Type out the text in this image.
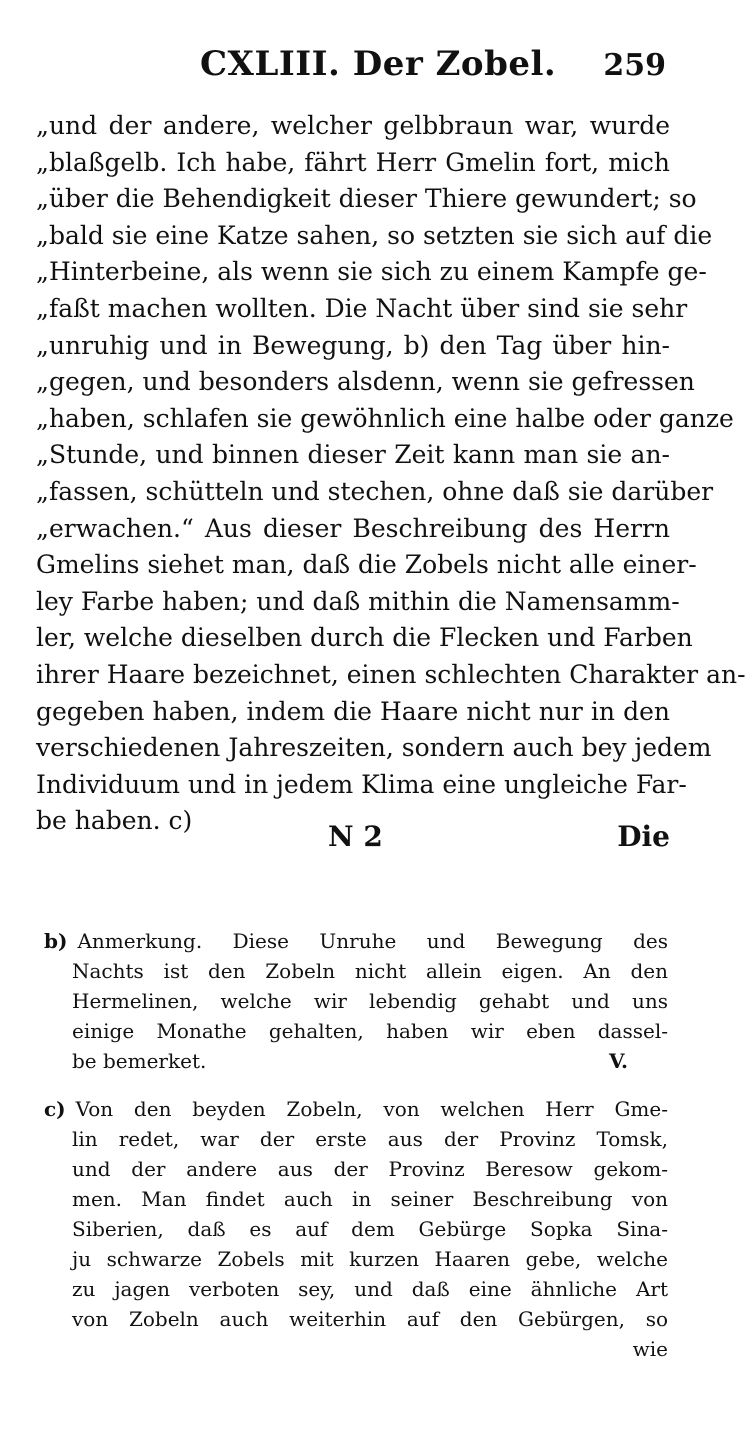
CXLIII. Der Zobel. 259
„und der andere, welcher gelbbraun war, wurde
„blaßgelb. Ich habe, fährt Herr Gmelin fort, mich
„über die Behendigkeit dieser Thiere gewundert; so
„bald sie eine Katze sahen, so setzten sie sich auf die
„Hinterbeine, als wenn sie sich zu einem Kampfe ge-
„faßt machen wollten. Die Nacht über sind sie sehr
„unruhig und in Bewegung, b) den Tag über hin-
„gegen, und besonders alsdenn, wenn sie gefressen
„haben, schlafen sie gewöhnlich eine halbe oder ganze
„Stunde, und binnen dieser Zeit kann man sie an-
„fassen, schütteln und stechen, ohne daß sie darüber
„erwachen.“ Aus dieser Beschreibung des Herrn
Gmelins siehet man, daß die Zobels nicht alle einer-
ley Farbe haben; und daß mithin die Namensamm-
ler, welche dieselben durch die Flecken und Farben
ihrer Haare bezeichnet, einen schlechten Charakter an-
gegeben haben, indem die Haare nicht nur in den
verschiedenen Jahreszeiten, sondern auch bey jedem
Individuum und in jedem Klima eine ungleiche Far-
be haben. c)	N 2	Die
b) Anmerkung. Diese Unruhe und Bewegung des
Nachts ist den Zobeln nicht allein eigen. An den
Hermelinen, welche wir lebendig gehabt und uns
einige Monathe gehalten, haben wir eben dassel-
be bemerket.	V.
c) Von den beyden Zobeln, von welchen Herr Gme-
lin redet, war der erste aus der Provinz Tomsk,
und der andere aus der Provinz Beresow gekom-
men. Man findet auch in seiner Beschreibung von
Siberien, daß es auf dem Gebürge Sopka Sina-
ju schwarze Zobels mit kurzen Haaren gebe, welche
zu jagen verboten sey, und daß eine ähnliche Art
von Zobeln auch weiterhin auf den Gebürgen, so
wie
